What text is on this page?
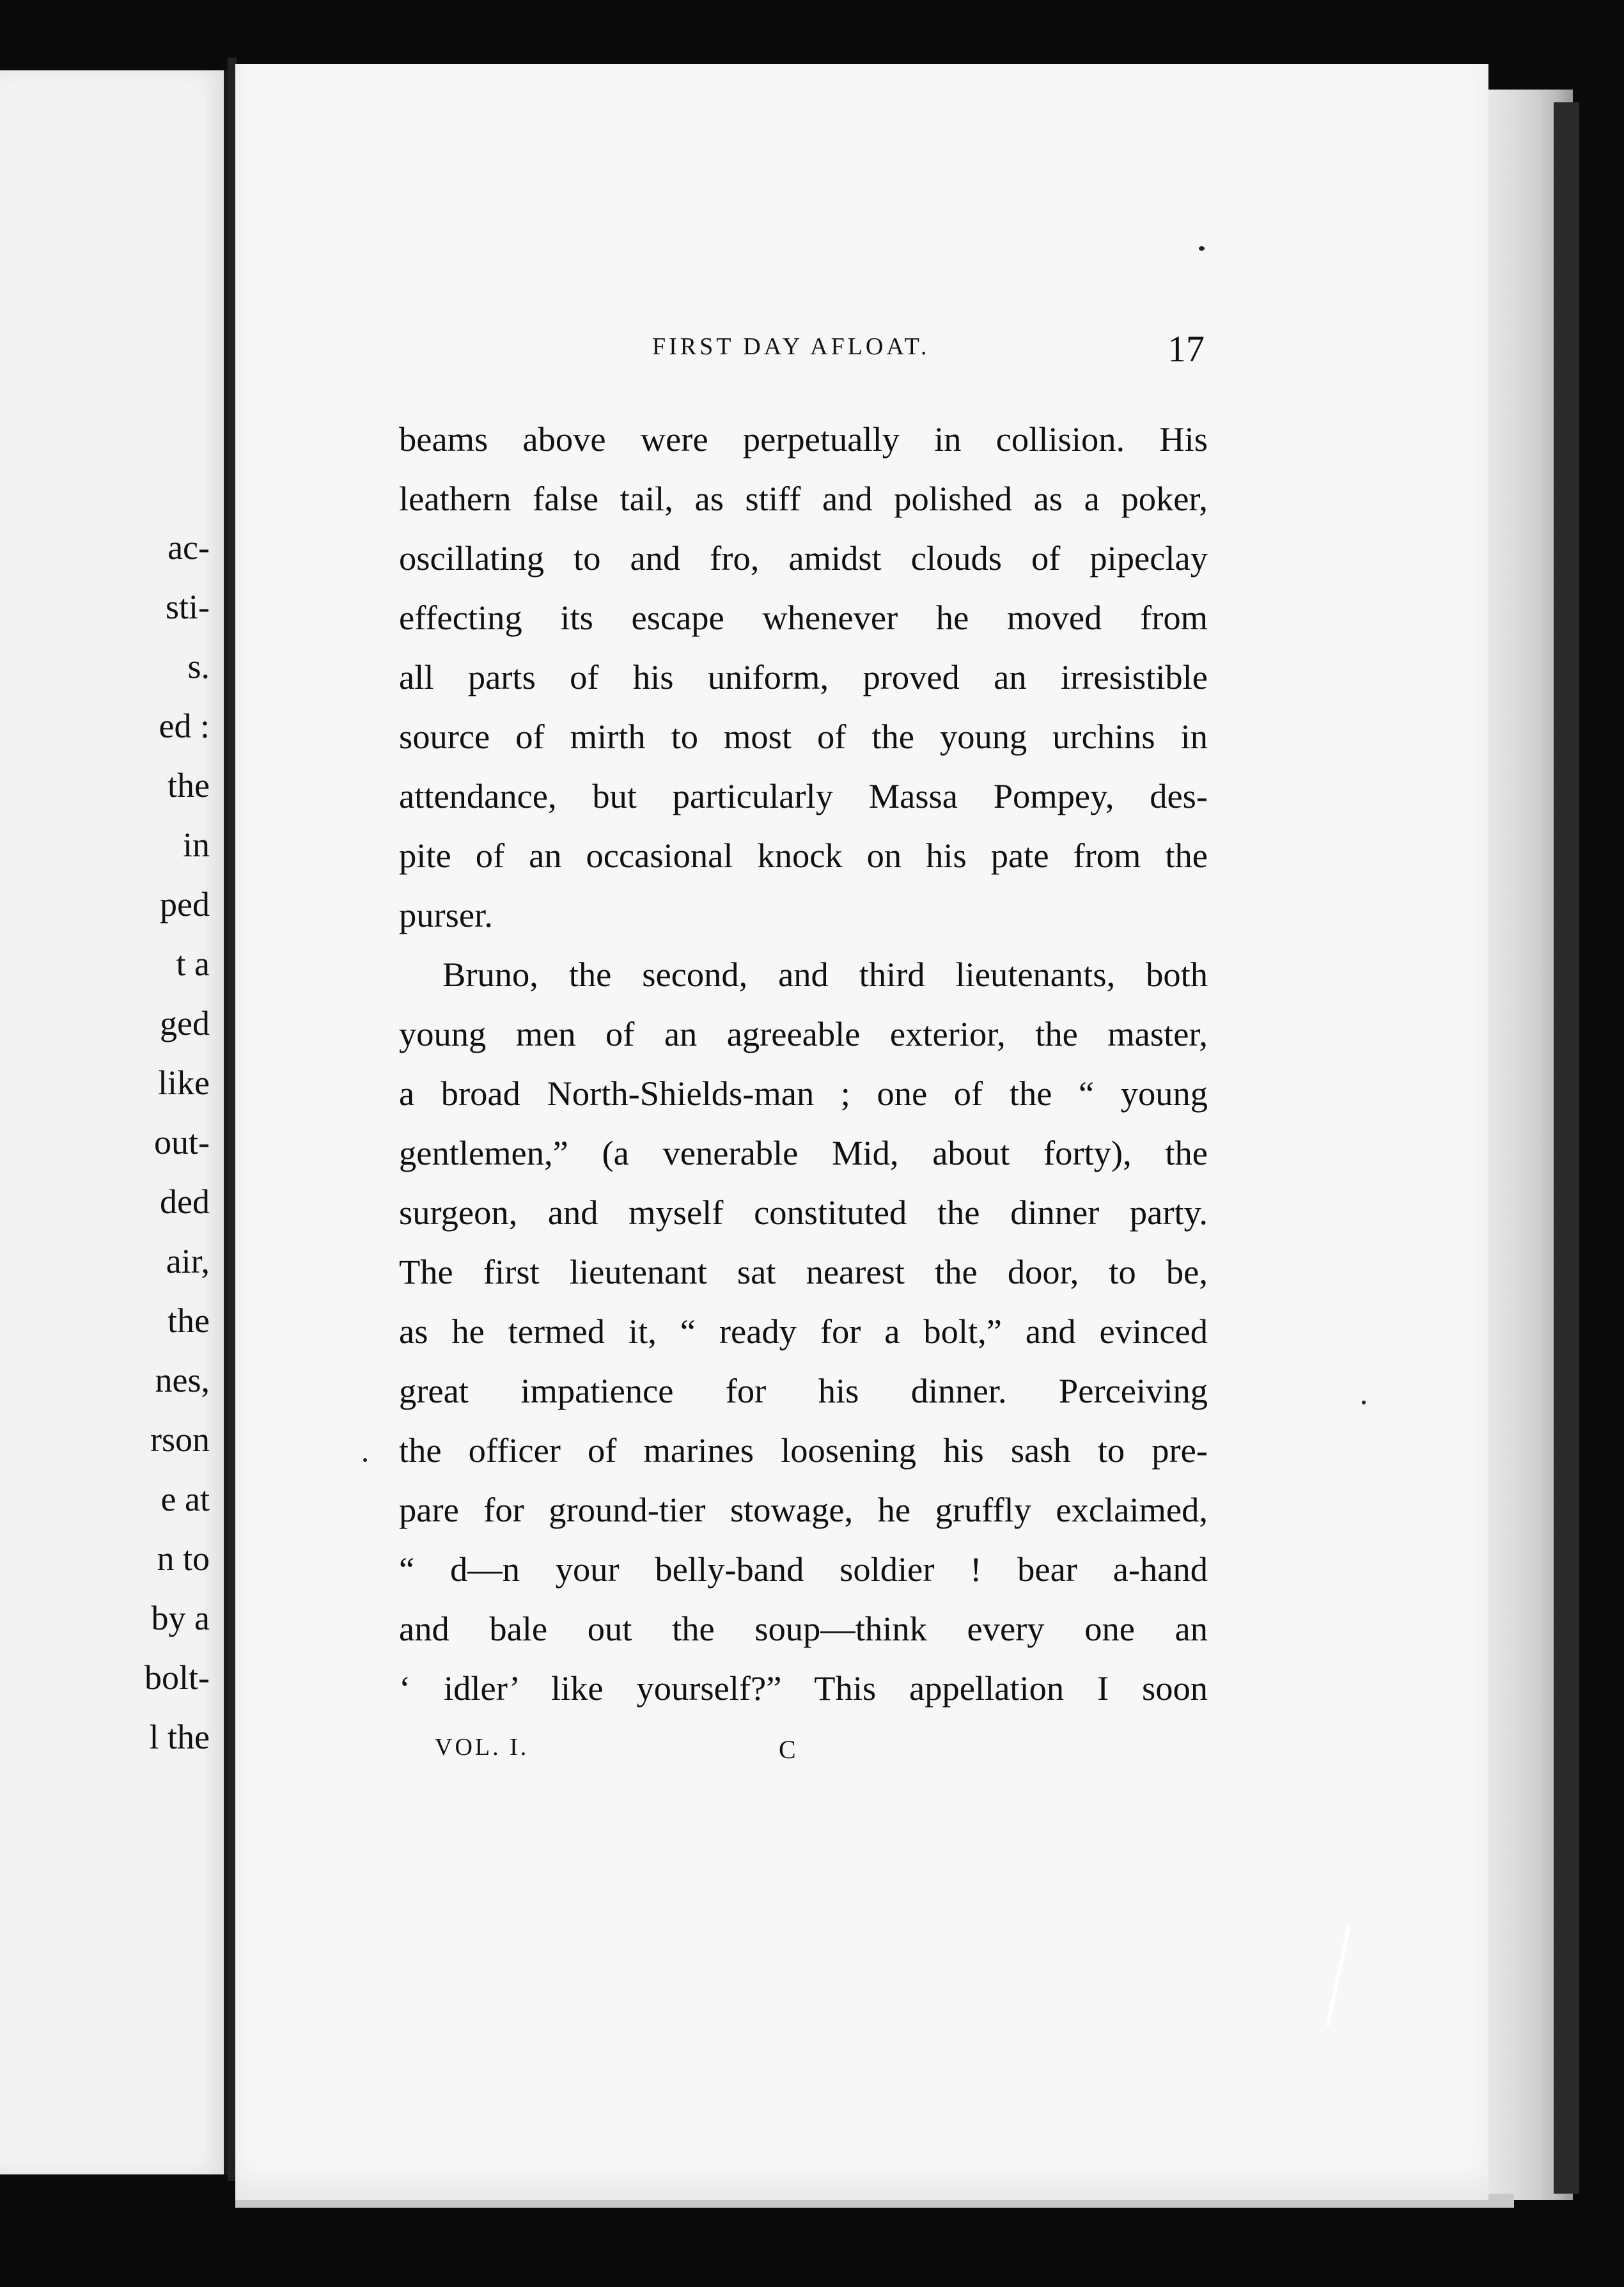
ac-
sti-
s.
ed :
the
in
ped
t a
ged
like
out-
ded
air,
the
nes,
rson
e at
n to
by a
bolt-
l the
FIRST DAY AFLOAT.	17
beams above were perpetually in collision. His
leathern false tail, as stiff and polished as a poker,
oscillating to and fro, amidst clouds of pipeclay
effecting its escape whenever he moved from
all parts of his uniform, proved an irresistible
source of mirth to most of the young urchins in
attendance, but particularly Massa Pompey, des-
pite of an occasional knock on his pate from the
purser.
Bruno, the second, and third lieutenants, both
young men of an agreeable exterior, the master,
a broad North-Shields-man ; one of the “ young
gentlemen,” (a venerable Mid, about forty), the
surgeon, and myself constituted the dinner party.
The first lieutenant sat nearest the door, to be,
as he termed it, “ ready for a bolt,” and evinced
great impatience for his dinner. Perceiving
the officer of marines loosening his sash to pre-
pare for ground-tier stowage, he gruffly exclaimed,
“ d—n your belly-band soldier ! bear a-hand
and bale out the soup—think every one an
‘ idler’ like yourself?” This appellation I soon
VOL. I.	C
